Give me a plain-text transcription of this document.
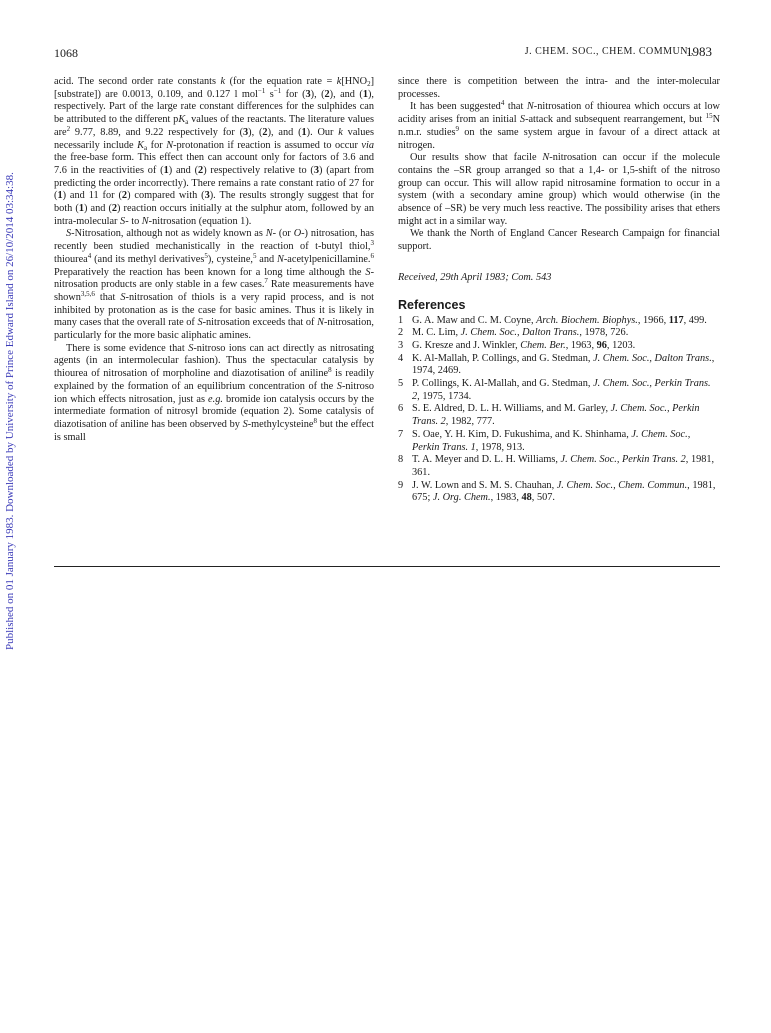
Published on 01 January 1983. Downloaded by University of Prince Edward Island on 26/10/2014 03:34:38.
1068	J. CHEM. SOC., CHEM. COMMUN.,
1983

acid. The second order rate constants k (for the equation rate = $k[HNO_2][substrate]$) are 0.0013, 0.109, and 0.127 l mol$^{-1}$ $s^{-1}$ for (3), (2), and (1), respectively. Part of the large rate constant differences for the sulphides can be attributed to the different $pK_a$ values of the reactants. The literature values are$^2$ 9.77, 8.89, and 9.22 respectively for (3), (2), and (1). Our k values necessarily include $K_a$ for N-protonation if reaction is assumed to occur via the free-base form. This effect then can account only for factors of 3.6 and 7.6 in the reactivities of (1) and (2) respectively relative to (3) (apart from predicting the order incorrectly). There remains a rate constant ratio of 27 for (1) and 11 for (2) compared with (3). The results strongly suggest that for both (1) and (2) reaction occurs initially at the sulphur atom, followed by an intra-molecular S- to N-nitrosation (equation 1).

S-Nitrosation, although not as widely known as N- (or O-) nitrosation, has recently been studied mechanistically in the reaction of t-butyl thiol,$^3$ thiourea$^4$ (and its methyl derivatives$^5$), cysteine,$^5$ and N-acetylpenicillamine.$^6$ Preparatively the reaction has been known for a long time although the S-nitrosation products are only stable in a few cases.$^7$ Rate measurements have shown$^{3,5,6}$ that S-nitrosation of thiols is a very rapid process, and is not inhibited by protonation as is the case for basic amines. Thus it is likely in many cases that the overall rate of S-nitrosation exceeds that of N-nitrosation, particularly for the more basic aliphatic amines.

There is some evidence that S-nitroso ions can act directly as nitrosating agents (in an intermolecular fashion). Thus the spectacular catalysis by thiourea of nitrosation of morpholine and diazotisation of aniline$^8$ is readily explained by the formation of an equilibrium concentration of the S-nitroso ion which effects nitrosation, just as e.g. bromide ion catalysis occurs by the intermediate formation of nitrosyl bromide (equation 2). Some catalysis of diazotisation of aniline has been observed by S-methylcysteine$^8$ but the effect is small

since there is competition between the intra- and the inter-molecular processes.

It has been suggested$^4$ that N-nitrosation of thiourea which occurs at low acidity arises from an initial S-attack and subsequent rearrangement, but $^{15}$N n.m.r. studies$^9$ on the same system argue in favour of a direct attack at nitrogen.

Our results show that facile N-nitrosation can occur if the molecule contains the –SR group arranged so that a 1,4- or 1,5-shift of the nitroso group can occur. This will allow rapid nitrosamine formation to occur in a system (with a secondary amine group) which would otherwise (in the absence of –SR) be very much less reactive. The possibility arises that ethers might act in a similar way.

We thank the North of England Cancer Research Campaign for financial support.

Received, 29th April 1983; Com. 543

References
1 G. A. Maw and C. M. Coyne, Arch. Biochem. Biophys., 1966, 117, 499.
2 M. C. Lim, J. Chem. Soc., Dalton Trans., 1978, 726.
3 G. Kresze and J. Winkler, Chem. Ber., 1963, 96, 1203.
4 K. Al-Mallah, P. Collings, and G. Stedman, J. Chem. Soc., Dalton Trans., 1974, 2469.
5 P. Collings, K. Al-Mallah, and G. Stedman, J. Chem. Soc., Perkin Trans. 2, 1975, 1734.
6 S. E. Aldred, D. L. H. Williams, and M. Garley, J. Chem. Soc., Perkin Trans. 2, 1982, 777.
7 S. Oae, Y. H. Kim, D. Fukushima, and K. Shinhama, J. Chem. Soc., Perkin Trans. 1, 1978, 913.
8 T. A. Meyer and D. L. H. Williams, J. Chem. Soc., Perkin Trans. 2, 1981, 361.
9 J. W. Lown and S. M. S. Chauhan, J. Chem. Soc., Chem. Commun., 1981, 675; J. Org. Chem., 1983, 48, 507.
